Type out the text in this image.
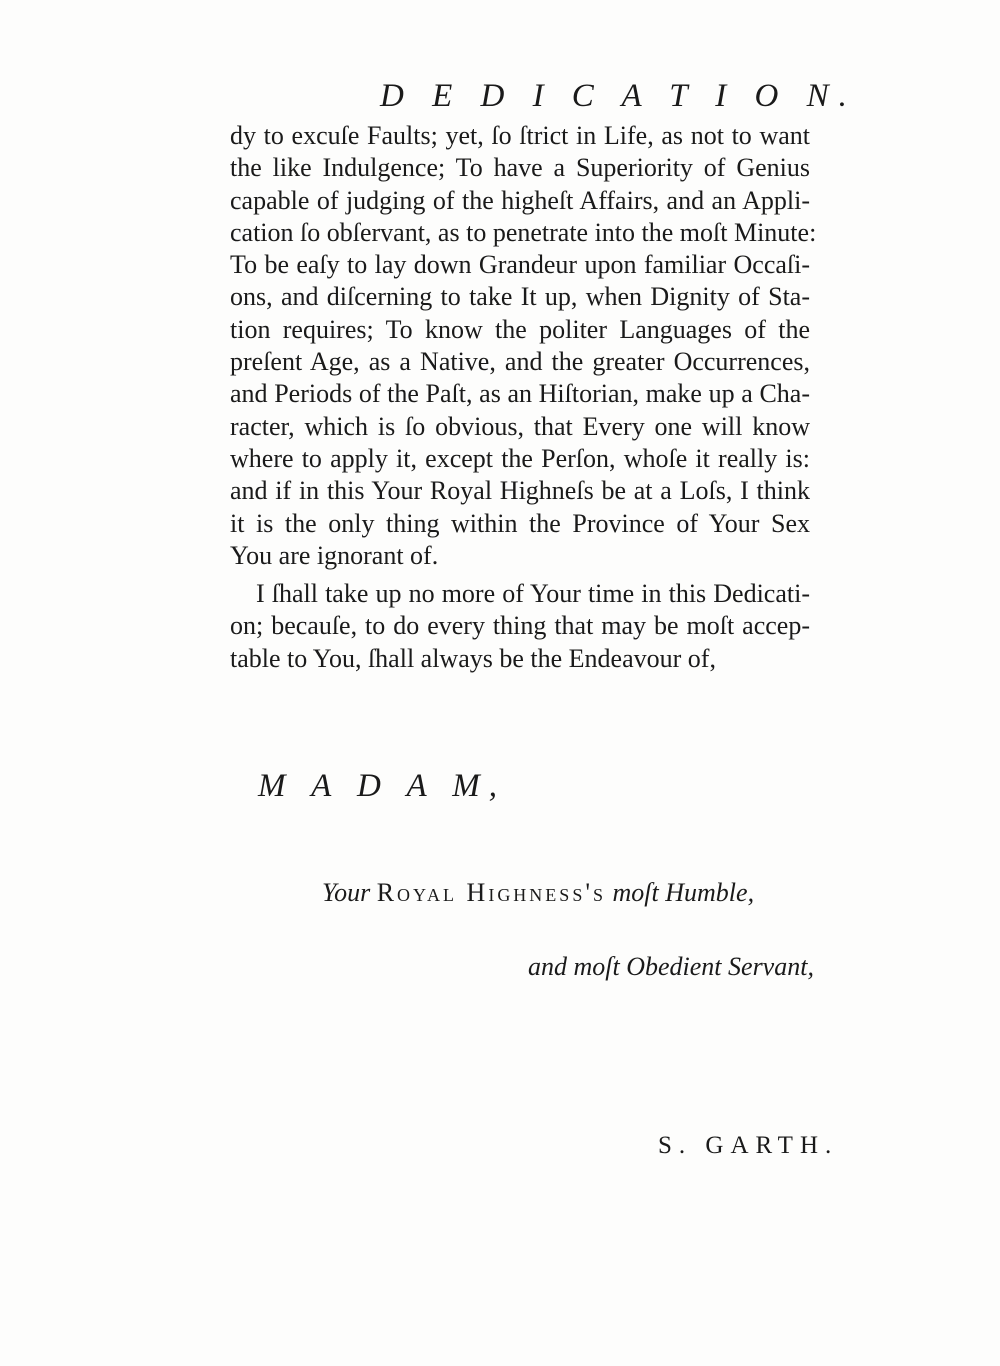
D E D I C A T I O N.
dy to excuſe Faults; yet, ſo ſtrict in Life, as not to want
the like Indulgence; To have a Superiority of Genius
capable of judging of the higheſt Affairs, and an Appli-
cation ſo obſervant, as to penetrate into the moſt Minute:
To be eaſy to lay down Grandeur upon familiar Occaſi-
ons, and diſcerning to take It up, when Dignity of Sta-
tion requires; To know the politer Languages of the
preſent Age, as a Native, and the greater Occurrences,
and Periods of the Paſt, as an Hiſtorian, make up a Cha-
racter, which is ſo obvious, that Every one will know
where to apply it, except the Perſon, whoſe it really is:
and if in this Your Royal Highneſs be at a Loſs, I think
it is the only thing within the Province of Your Sex
You are ignorant of.
I ſhall take up no more of Your time in this Dedicati-
on; becauſe, to do every thing that may be moſt accep-
table to You, ſhall always be the Endeavour of,
M A D A M,
Your Royal Highness's moſt Humble,
and moſt Obedient Servant,
S. GARTH.
